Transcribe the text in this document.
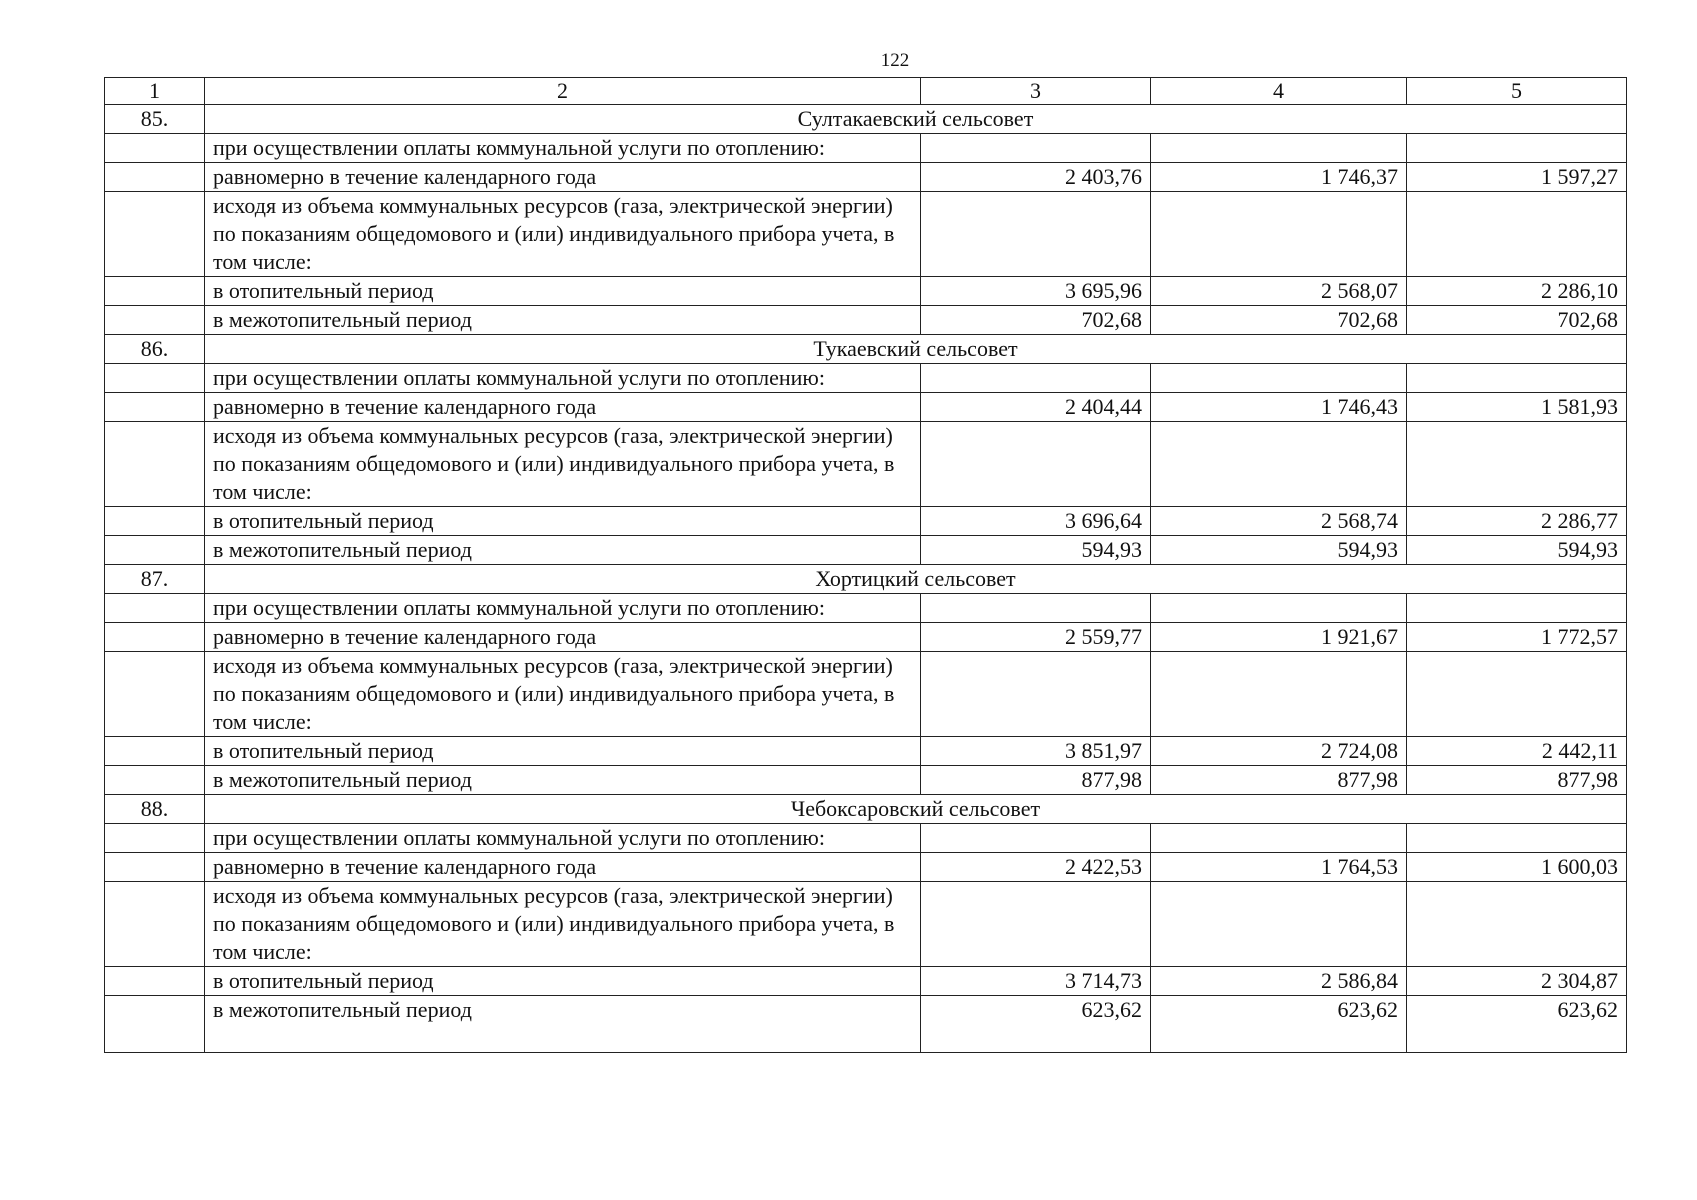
122
1	2	3	4	5
85.	Султакаевский сельсовет			
	при осуществлении оплаты коммунальной услуги по отоплению:			
	равномерно в течение календарного года	2 403,76	1 746,37	1 597,27
	исходя из объема коммунальных ресурсов (газа, электрической энергии) по показаниям общедомового и (или) индивидуального прибора учета, в том числе:			
	в отопительный период	3 695,96	2 568,07	2 286,10
	в межотопительный период	702,68	702,68	702,68
86.	Тукаевский сельсовет			
	при осуществлении оплаты коммунальной услуги по отоплению:			
	равномерно в течение календарного года	2 404,44	1 746,43	1 581,93
	исходя из объема коммунальных ресурсов (газа, электрической энергии) по показаниям общедомового и (или) индивидуального прибора учета, в том числе:			
	в отопительный период	3 696,64	2 568,74	2 286,77
	в межотопительный период	594,93	594,93	594,93
87.	Хортицкий сельсовет			
	при осуществлении оплаты коммунальной услуги по отоплению:			
	равномерно в течение календарного года	2 559,77	1 921,67	1 772,57
	исходя из объема коммунальных ресурсов (газа, электрической энергии) по показаниям общедомового и (или) индивидуального прибора учета, в том числе:			
	в отопительный период	3 851,97	2 724,08	2 442,11
	в межотопительный период	877,98	877,98	877,98
88.	Чебоксаровский сельсовет			
	при осуществлении оплаты коммунальной услуги по отоплению:			
	равномерно в течение календарного года	2 422,53	1 764,53	1 600,03
	исходя из объема коммунальных ресурсов (газа, электрической энергии) по показаниям общедомового и (или) индивидуального прибора учета, в том числе:			
	в отопительный период	3 714,73	2 586,84	2 304,87
	в межотопительный период	623,62	623,62	623,62
